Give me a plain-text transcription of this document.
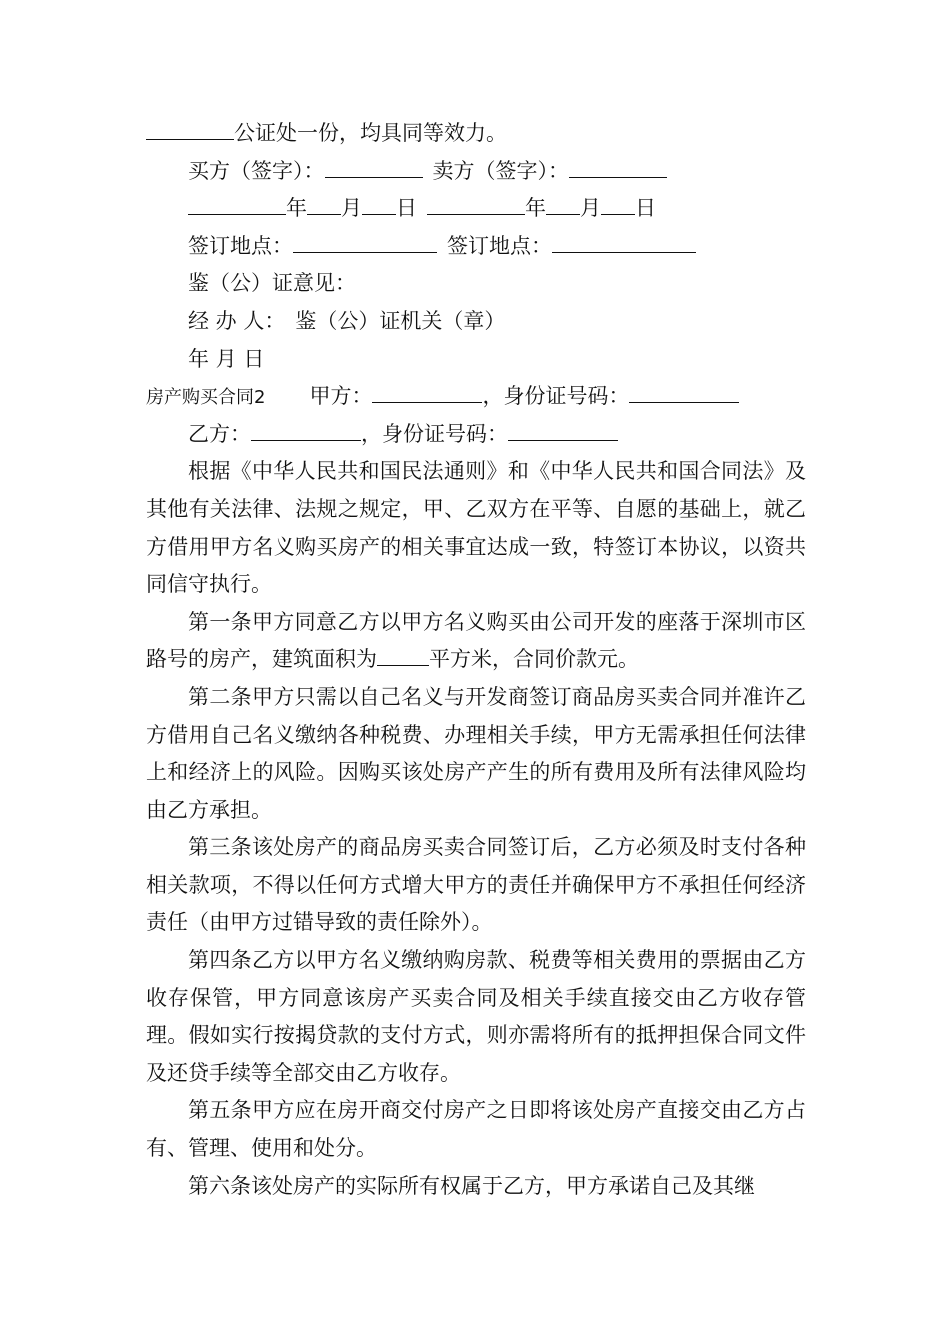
公证处一份，均具同等效力。
买方（签字）：	卖方（签字）：
年 月 日	年 月 日
签订地点：	签订地点：
鉴（公）证意见：
经 办 人： 鉴（公）证机关（章）
年 月 日
房产购买合同2 甲方：	，身份证号码：
乙方：	，身份证号码：
根据《中华人民共和国民法通则》和《中华人民共和国合同法》及其他有关法律、法规之规定，甲、乙双方在平等、自愿的基础上，就乙方借用甲方名义购买房产的相关事宜达成一致，特签订本协议，以资共同信守执行。
第一条甲方同意乙方以甲方名义购买由公司开发的座落于深圳市区路号的房产，建筑面积为 平方米，合同价款元。
第二条甲方只需以自己名义与开发商签订商品房买卖合同并准许乙方借用自己名义缴纳各种税费、办理相关手续，甲方无需承担任何法律上和经济上的风险。因购买该处房产产生的所有费用及所有法律风险均由乙方承担。
第三条该处房产的商品房买卖合同签订后，乙方必须及时支付各种相关款项，不得以任何方式增大甲方的责任并确保甲方不承担任何经济责任（由甲方过错导致的责任除外）。
第四条乙方以甲方名义缴纳购房款、税费等相关费用的票据由乙方收存保管，甲方同意该房产买卖合同及相关手续直接交由乙方收存管理。假如实行按揭贷款的支付方式，则亦需将所有的抵押担保合同文件及还贷手续等全部交由乙方收存。
第五条甲方应在房开商交付房产之日即将该处房产直接交由乙方占有、管理、使用和处分。
第六条该处房产的实际所有权属于乙方，甲方承诺自己及其继
